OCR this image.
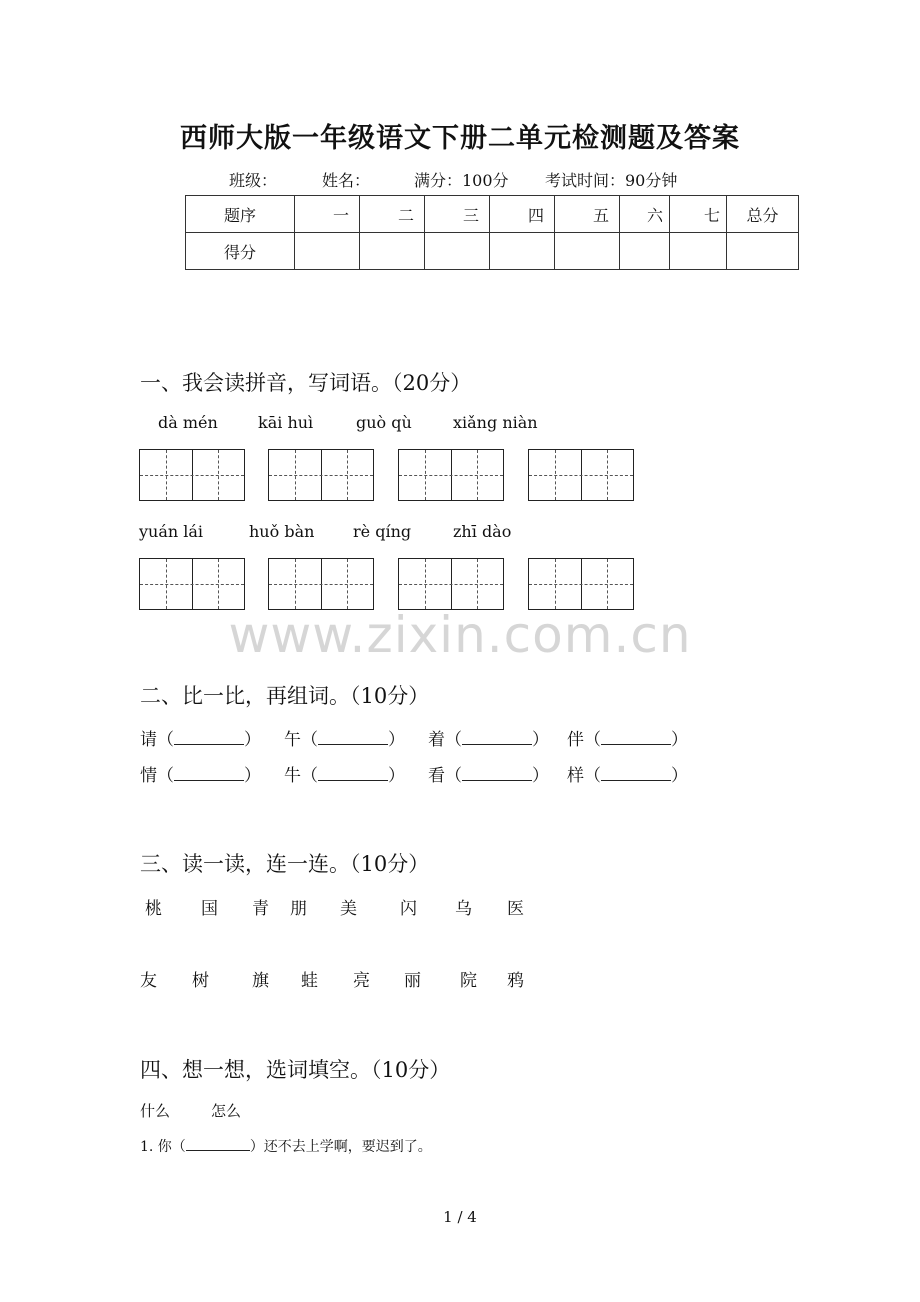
西师大版一年级语文下册二单元检测题及答案
班级：	姓名：	满分：100分 考试时间：90分钟
题序	一	二	三	四	五	六	七	总分
得分								
一、我会读拼音，写词语。（20分）
dà mén	kāi huì	guò qù	xiǎng niàn
yuán lái	huǒ bàn rè qíng	zhī dào
www.zixin.com.cn
二、比一比，再组词。（10分）
请（	） 午（	） 着（	） 伴（	）
情（	） 牛（	） 看（	） 样（	）
三、读一读，连一连。（10分）
桃 国 青 朋 美	闪 乌 医
友 树	旗 蛙 亮 丽 院 鸦
四、想一想，选词填空。（10分）
什么	怎么
1. 你（	）还不去上学啊，要迟到了。
1 / 4
